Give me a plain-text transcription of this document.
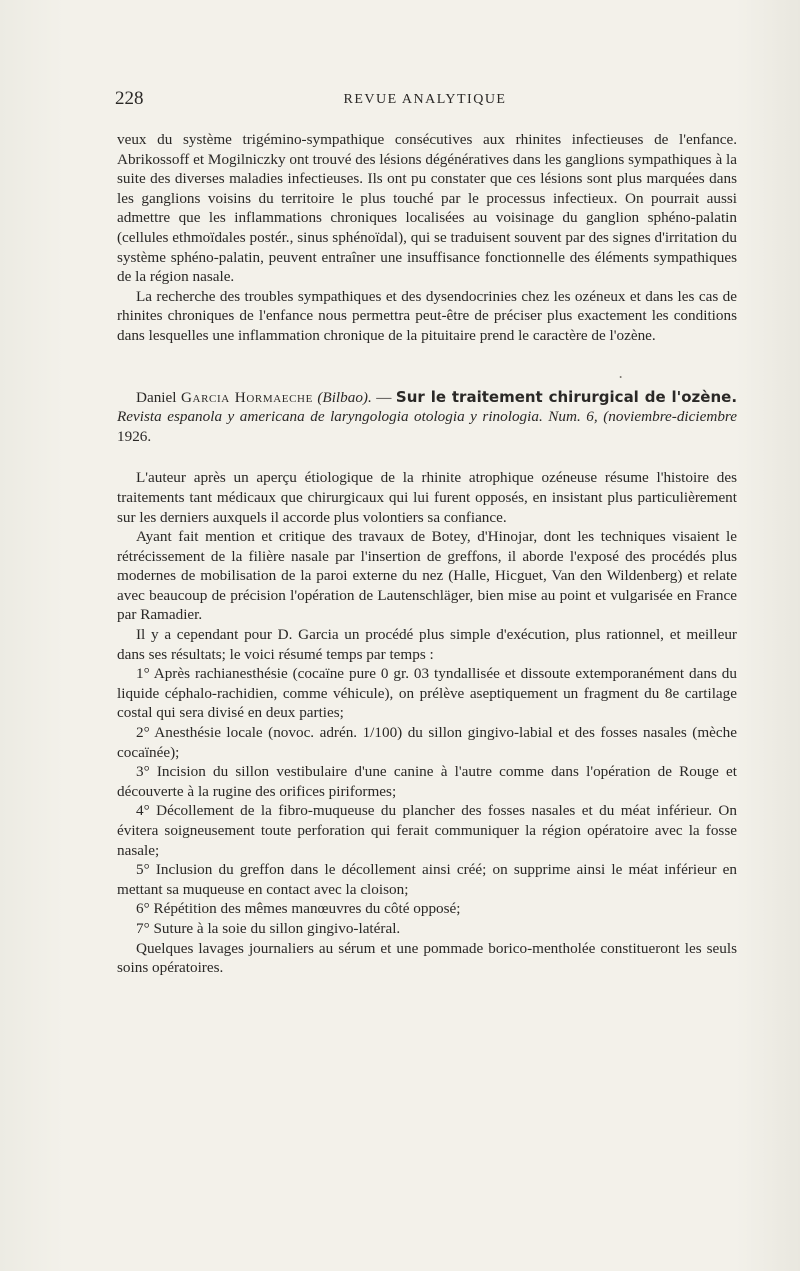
228	REVUE ANALYTIQUE

veux du système trigémino-sympathique consécutives aux rhinites infectieuses de l'enfance. Abrikossoff et Mogilniczky ont trouvé des lésions dégénératives dans les ganglions sympathiques à la suite des diverses maladies infectieuses. Ils ont pu constater que ces lésions sont plus marquées dans les ganglions voisins du territoire le plus touché par le processus infectieux. On pourrait aussi admettre que les inflammations chroniques localisées au voisinage du ganglion sphéno-palatin (cellules ethmoïdales postér., sinus sphénoïdal), qui se traduisent souvent par des signes d'irritation du système sphéno-palatin, peuvent entraîner une insuffisance fonctionnelle des éléments sympathiques de la région nasale.

La recherche des troubles sympathiques et des dysendocrinies chez les ozéneux et dans les cas de rhinites chroniques de l'enfance nous permettra peut-être de préciser plus exactement les conditions dans lesquelles une inflammation chronique de la pituitaire prend le caractère de l'ozène.

•

Daniel Garcia Hormaeche (Bilbao). — Sur le traitement chirurgical de l'ozène. Revista espanola y americana de laryngologia otologia y rinologia. Num. 6, (noviembre-diciembre 1926.

L'auteur après un aperçu étiologique de la rhinite atrophique ozéneuse résume l'histoire des traitements tant médicaux que chirurgicaux qui lui furent opposés, en insistant plus particulièrement sur les derniers auxquels il accorde plus volontiers sa confiance.

Ayant fait mention et critique des travaux de Botey, d'Hinojar, dont les techniques visaient le rétrécissement de la filière nasale par l'insertion de greffons, il aborde l'exposé des procédés plus modernes de mobilisation de la paroi externe du nez (Halle, Hicguet, Van den Wildenberg) et relate avec beaucoup de précision l'opération de Lautenschläger, bien mise au point et vulgarisée en France par Ramadier.

Il y a cependant pour D. Garcia un procédé plus simple d'exécution, plus rationnel, et meilleur dans ses résultats; le voici résumé temps par temps :

1° Après rachianesthésie (cocaïne pure 0 gr. 03 tyndallisée et dissoute extemporanément dans du liquide céphalo-rachidien, comme véhicule), on prélève aseptiquement un fragment du 8e cartilage costal qui sera divisé en deux parties;

2° Anesthésie locale (novoc. adrén. 1/100) du sillon gingivo-labial et des fosses nasales (mèche cocaïnée);

3° Incision du sillon vestibulaire d'une canine à l'autre comme dans l'opération de Rouge et découverte à la rugine des orifices piriformes;

4° Décollement de la fibro-muqueuse du plancher des fosses nasales et du méat inférieur. On évitera soigneusement toute perforation qui ferait communiquer la région opératoire avec la fosse nasale;

5° Inclusion du greffon dans le décollement ainsi créé; on supprime ainsi le méat inférieur en mettant sa muqueuse en contact avec la cloison;

6° Répétition des mêmes manœuvres du côté opposé;

7° Suture à la soie du sillon gingivo-latéral.

Quelques lavages journaliers au sérum et une pommade borico-mentholée constitueront les seuls soins opératoires.
